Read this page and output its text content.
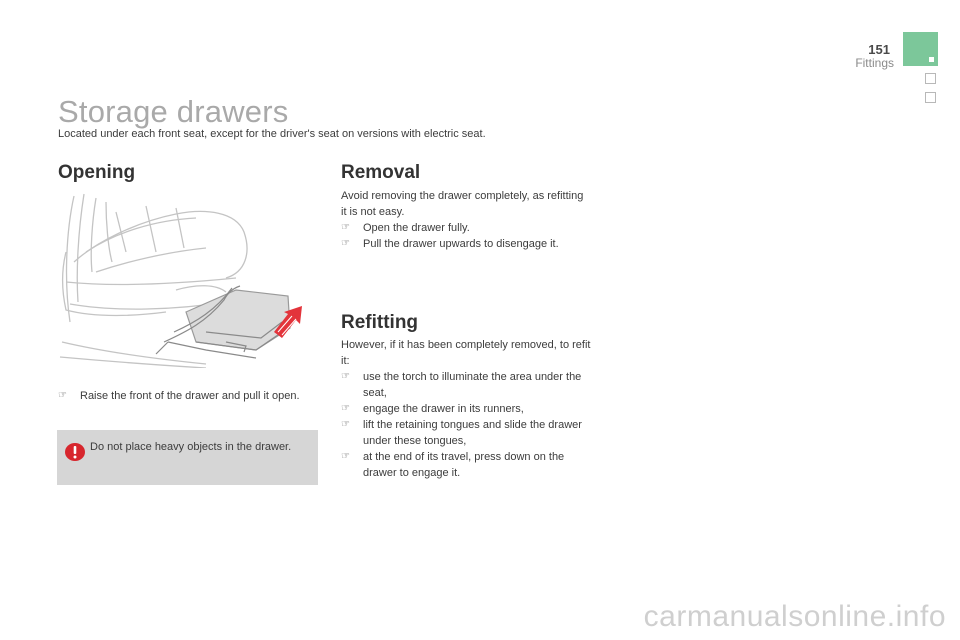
151
Fittings
Storage drawers
Located under each front seat, except for the driver's seat on versions with electric seat.
Opening
☞ Raise the front of the drawer and pull it open.
Do not place heavy objects in the drawer.
Removal
Avoid removing the drawer completely, as refitting it is not easy.
☞ Open the drawer fully.
☞ Pull the drawer upwards to disengage it.
Refitting
However, if it has been completely removed, to refit it:
☞ use the torch to illuminate the area under the seat,
☞ engage the drawer in its runners,
☞ lift the retaining tongues and slide the drawer under these tongues,
☞ at the end of its travel, press down on the drawer to engage it.
carmanualsonline.info
